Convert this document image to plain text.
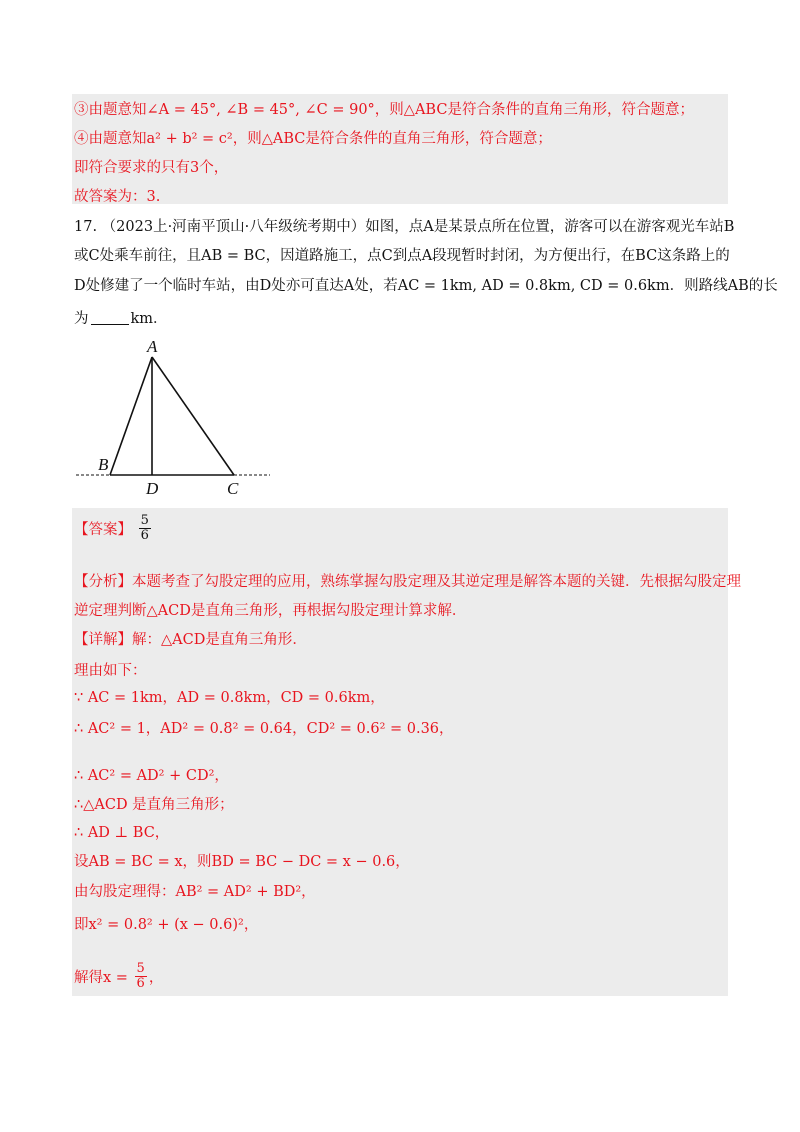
③由题意知∠A = 45°, ∠B = 45°, ∠C = 90°，则△ABC是符合条件的直角三角形，符合题意；
④由题意知a² + b² = c²，则△ABC是符合条件的直角三角形，符合题意；
即符合要求的只有3个，
故答案为：3.
17. （2023上·河南平顶山·八年级统考期中）如图，点A是某景点所在位置，游客可以在游客观光车站B
或C处乘车前往，且AB = BC，因道路施工，点C到点A段现暂时封闭，为方便出行，在BC这条路上的
D处修建了一个临时车站，由D处亦可直达A处，若AC = 1km, AD = 0.8km, CD = 0.6km．则路线AB的长
为	km．
A
B
D	C
【答案】 $\frac{5}{6}$
【分析】本题考查了勾股定理的应用，熟练掌握勾股定理及其逆定理是解答本题的关键．先根据勾股定理
逆定理判断△ACD是直角三角形，再根据勾股定理计算求解．
【详解】解：△ACD是直角三角形．
理由如下：
∵ AC = 1km，AD = 0.8km，CD = 0.6km，
∴ AC² = 1，AD² = 0.8² = 0.64，CD² = 0.6² = 0.36，
∴ AC² = AD² + CD²，
∴△ACD 是直角三角形；
∴ AD ⊥ BC，
设AB = BC = x，则BD = BC − DC = x − 0.6，
由勾股定理得：AB² = AD² + BD²，
即x² = 0.8² + (x − 0.6)²，
解得$x = \frac{5}{6}$ ，
